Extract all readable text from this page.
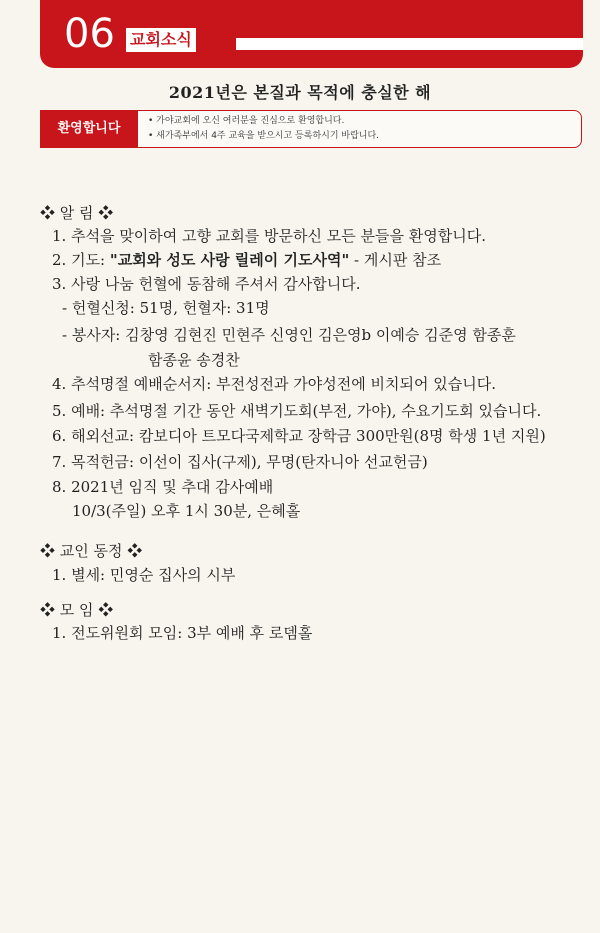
06 교회소식
2021년은 본질과 목적에 충실한 해
환영합니다
•	가야교회에 오신 여러분을 진심으로 환영합니다.
• 새가족부에서 4주 교육을 받으시고 등록하시기 바랍니다.
❖ 알 림 ❖
1. 추석을 맞이하여 고향 교회를 방문하신 모든 분들을 환영합니다.
2. 기도: "교회와 성도 사랑 릴레이 기도사역" - 게시판 참조
3. 사랑 나눔 헌혈에 동참해 주셔서 감사합니다.
- 헌혈신청: 51명, 헌혈자: 31명
- 봉사자: 김창영 김현진 민현주 신영인 김은영b 이예승 김준영 함종훈
함종윤 송경찬
4. 추석명절 예배순서지: 부전성전과 가야성전에 비치되어 있습니다.
5. 예배: 추석명절 기간 동안 새벽기도회(부전, 가야), 수요기도회 있습니다.
6. 해외선교: 캄보디아 트모다국제학교 장학금 300만원(8명 학생 1년 지원)
7. 목적헌금: 이선이 집사(구제), 무명(탄자니아 선교헌금)
8. 2021년 임직 및 추대 감사예배
10/3(주일) 오후 1시 30분, 은혜홀
❖ 교인 동정 ❖
1. 별세: 민영순 집사의 시부
❖ 모 임 ❖
1. 전도위원회 모임: 3부 예배 후 로뎀홀
